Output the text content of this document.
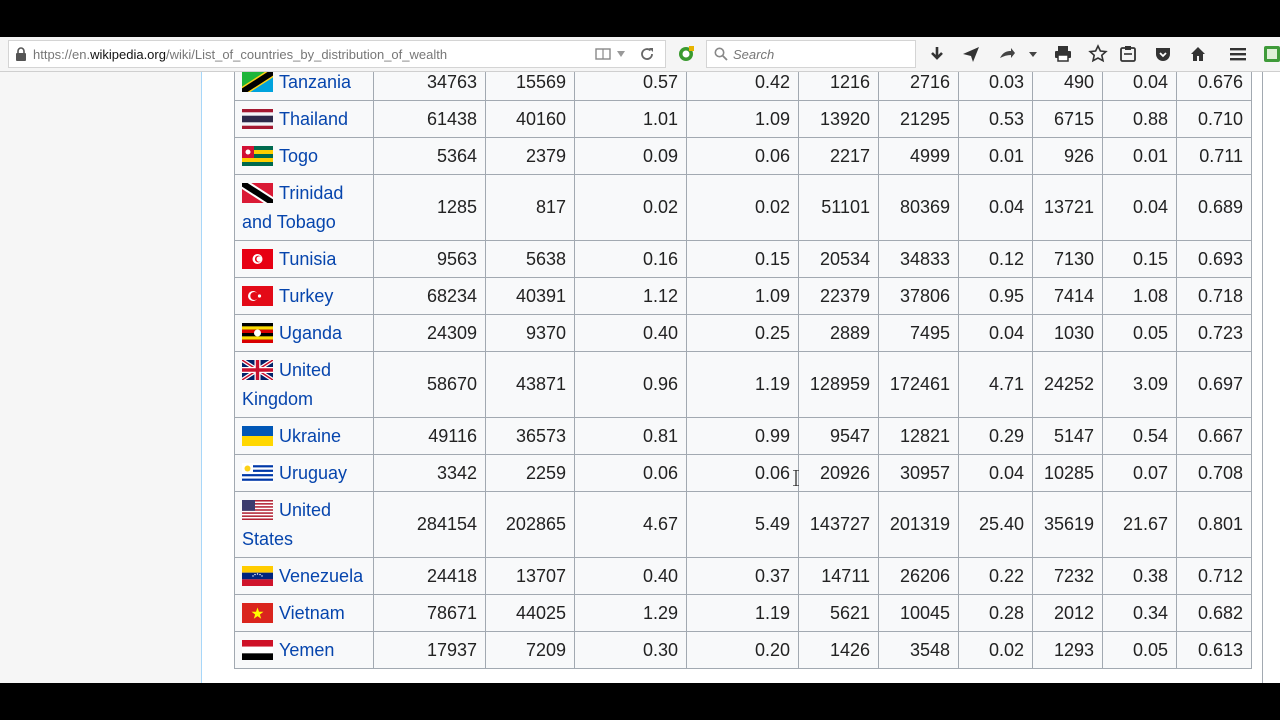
https://en.wikipedia.org/wiki/List_of_countries_by_distribution_of_wealth
Search
Tanzania	34763	15569	0.57	0.42	1216	2716	0.03	490	0.04	0.676

Thailand	61438	40160	1.01	1.09	13920	21295	0.53	6715	0.88	0.710

Togo	5364	2379	0.09	0.06	2217	4999	0.01	926	0.01	0.711

Trinidad and Tobago	1285	817	0.02	0.02	51101	80369	0.04	13721	0.04	0.689

Tunisia	9563	5638	0.16	0.15	20534	34833	0.12	7130	0.15	0.693

Turkey	68234	40391	1.12	1.09	22379	37806	0.95	7414	1.08	0.718

Uganda	24309	9370	0.40	0.25	2889	7495	0.04	1030	0.05	0.723

United Kingdom	58670	43871	0.96	1.19	128959	172461	4.71	24252	3.09	0.697

Ukraine	49116	36573	0.81	0.99	9547	12821	0.29	5147	0.54	0.667

Uruguay	3342	2259	0.06	0.06	20926	30957	0.04	10285	0.07	0.708

United States	284154	202865	4.67	5.49	143727	201319	25.40	35619	21.67	0.801

Venezuela	24418	13707	0.40	0.37	14711	26206	0.22	7232	0.38	0.712

Vietnam	78671	44025	1.29	1.19	5621	10045	0.28	2012	0.34	0.682

Yemen	17937	7209	0.30	0.20	1426	3548	0.02	1293	0.05	0.613
